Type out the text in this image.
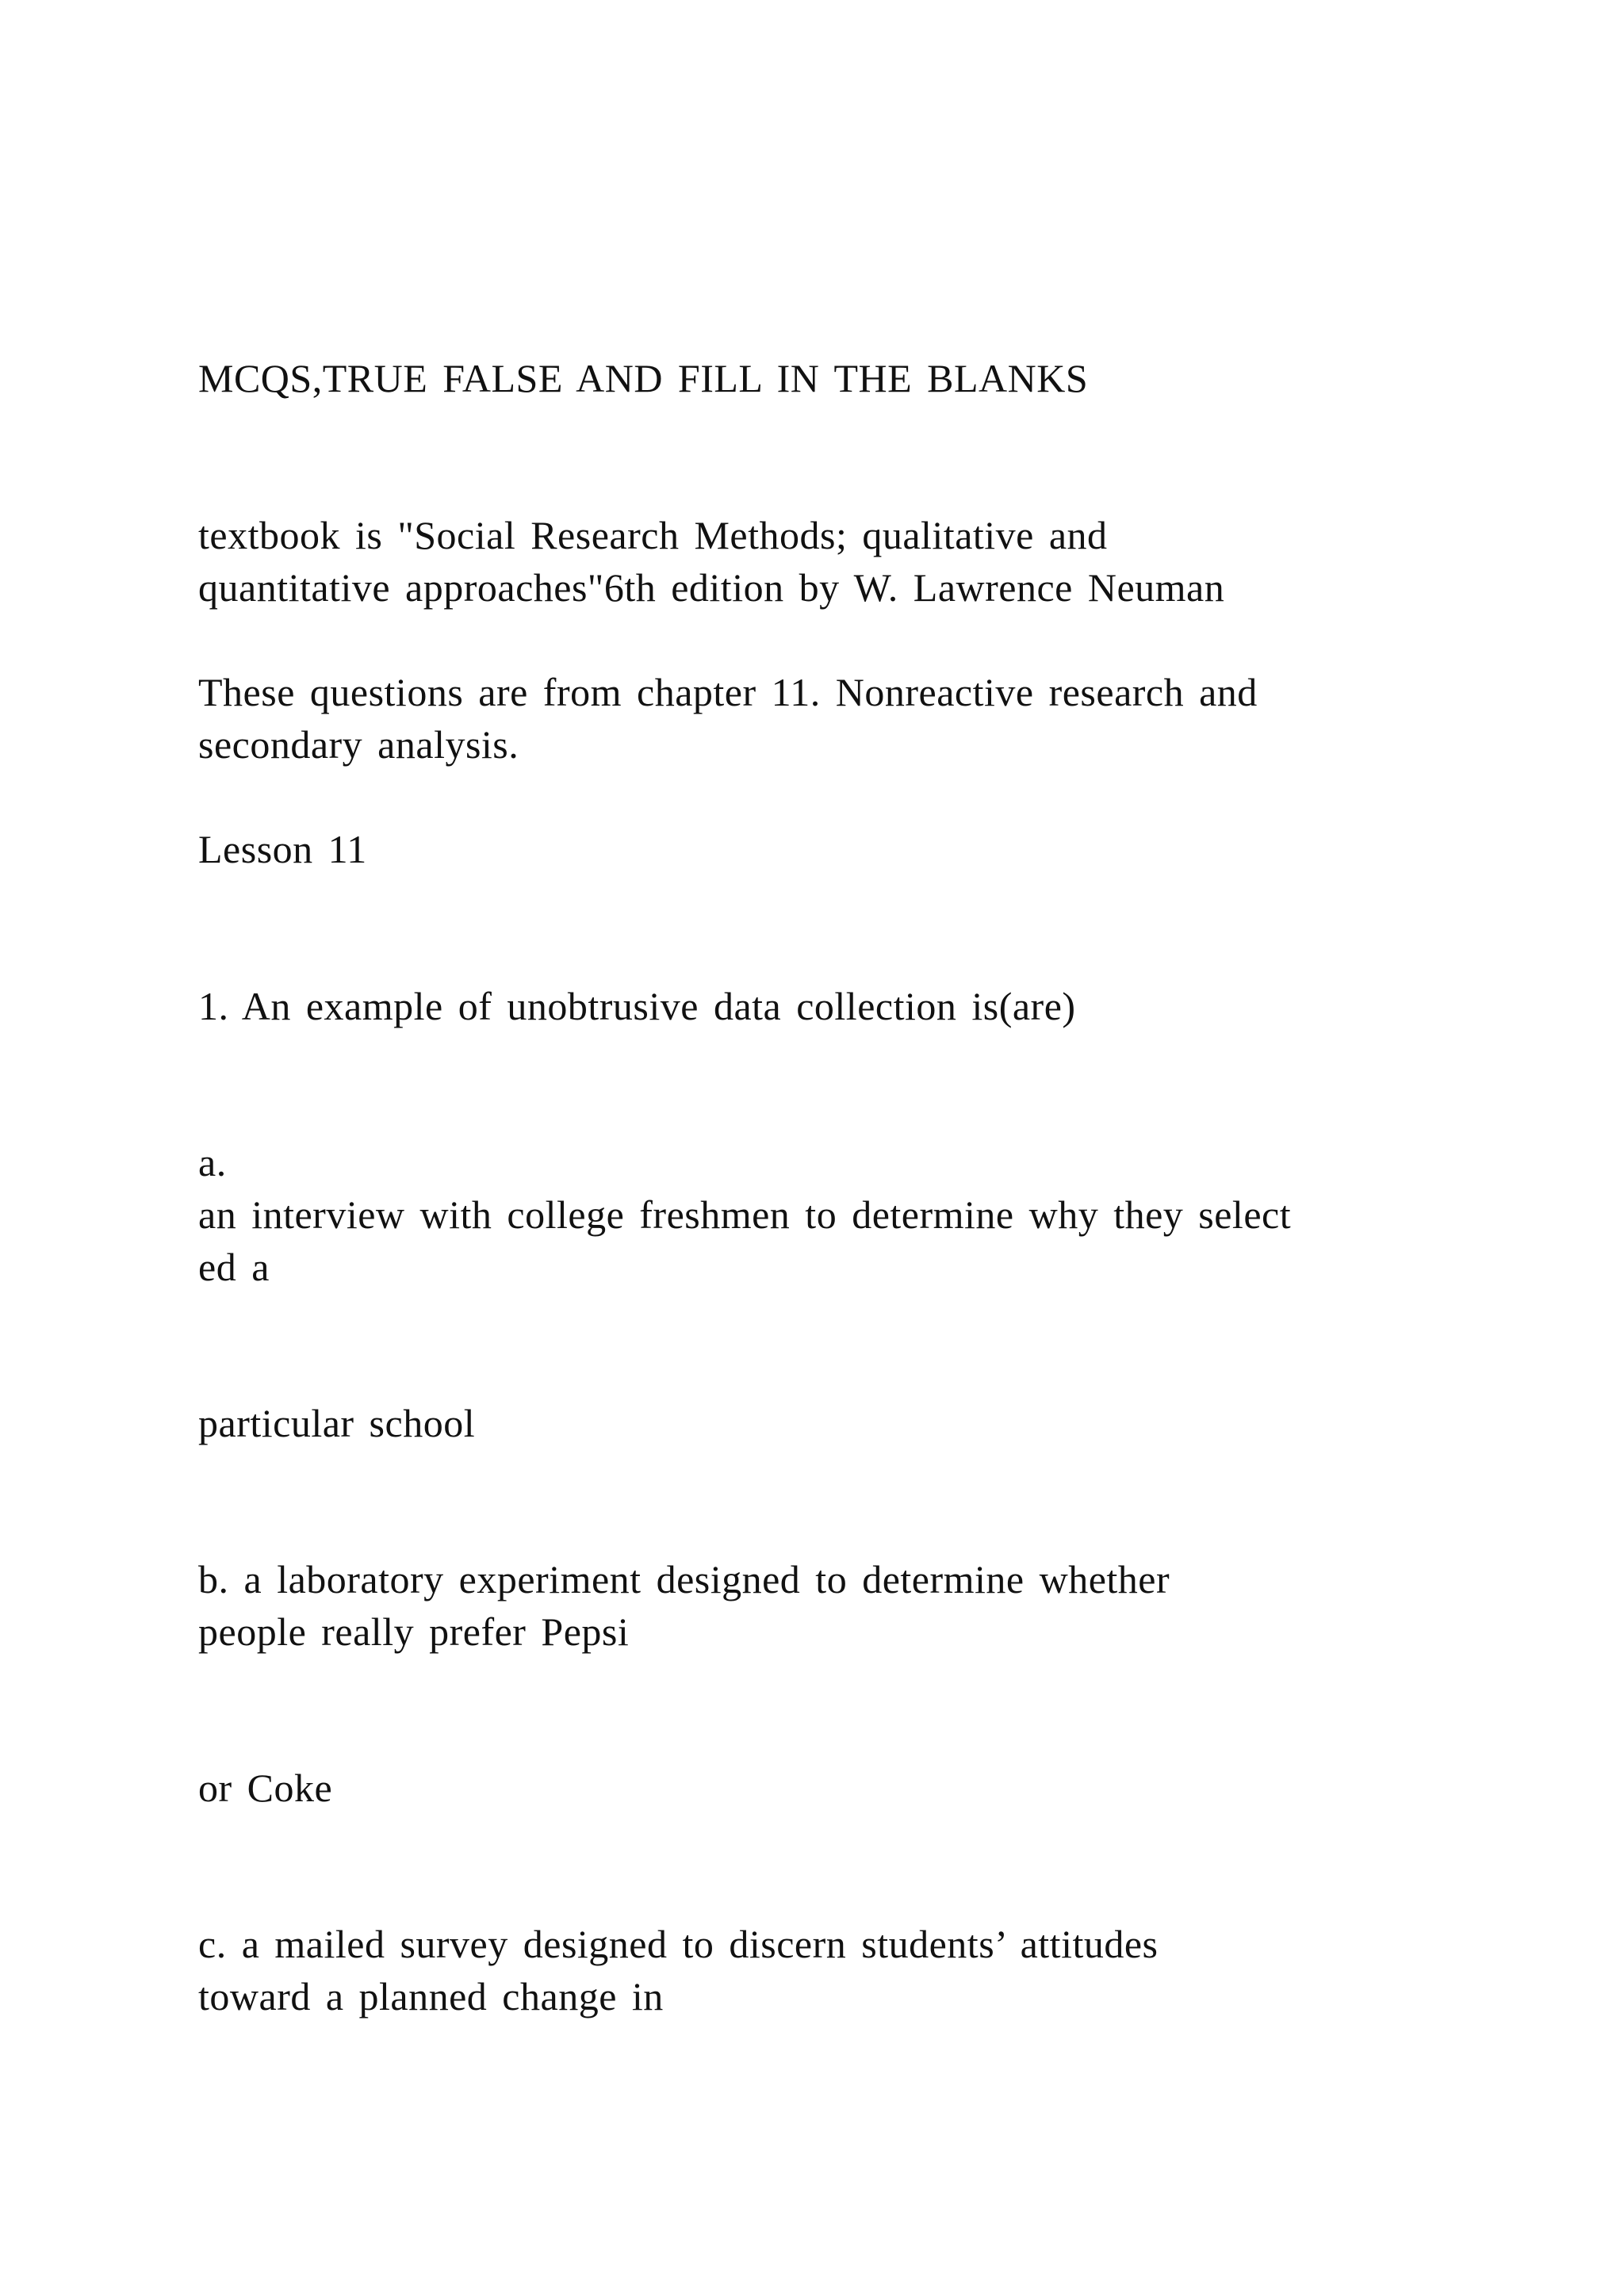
MCQS,TRUE FALSE AND FILL IN THE BLANKS
textbook is "Social Research Methods; qualitative and
quantitative approaches"6th edition by W. Lawrence Neuman
These questions are from chapter 11. Nonreactive research and
secondary analysis.
Lesson 11
1. An example of unobtrusive data collection is(are)
a.
an interview with college freshmen to determine why they select
ed a
particular school
b. a laboratory experiment designed to determine whether
people really prefer Pepsi
or Coke
c. a mailed survey designed to discern students’ attitudes
toward a planned change in
